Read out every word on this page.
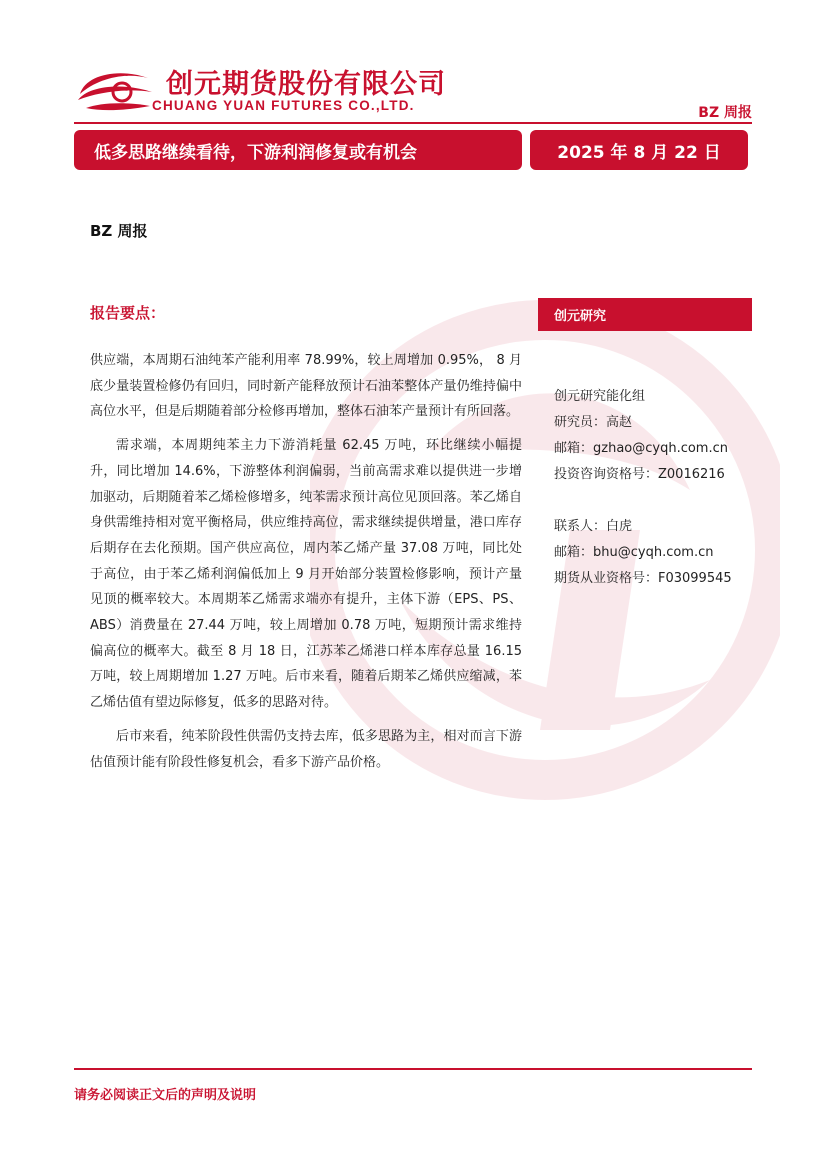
创元期货股份有限公司
CHUANG YUAN FUTURES CO.,LTD.	BZ 周报
低多思路继续看待，下游利润修复或有机会	2025 年 8 月 22 日
BZ 周报
报告要点：

供应端，本周期石油纯苯产能利用率 78.99%，较上周增加 0.95%， 8 月底少量装置检修仍有回归，同时新产能释放预计石油苯整体产量仍维持偏中高位水平，但是后期随着部分检修再增加，整体石油苯产量预计有所回落。

需求端，本周期纯苯主力下游消耗量 62.45 万吨，环比继续小幅提升，同比增加 14.6%，下游整体利润偏弱，当前高需求难以提供进一步增加驱动，后期随着苯乙烯检修增多，纯苯需求预计高位见顶回落。苯乙烯自身供需维持相对宽平衡格局，供应维持高位，需求继续提供增量，港口库存后期存在去化预期。国产供应高位，周内苯乙烯产量 37.08 万吨，同比处于高位，由于苯乙烯利润偏低加上 9 月开始部分装置检修影响，预计产量见顶的概率较大。本周期苯乙烯需求端亦有提升，主体下游（EPS、PS、ABS）消费量在 27.44 万吨，较上周增加 0.78 万吨，短期预计需求维持偏高位的概率大。截至 8 月 18 日，江苏苯乙烯港口样本库存总量 16.15 万吨，较上周期增加 1.27 万吨。后市来看，随着后期苯乙烯供应缩减，苯乙烯估值有望边际修复，低多的思路对待。

后市来看，纯苯阶段性供需仍支持去库，低多思路为主，相对而言下游估值预计能有阶段性修复机会，看多下游产品价格。

创元研究
创元研究能化组
研究员：高赵
邮箱：gzhao@cyqh.com.cn
投资咨询资格号：Z0016216
联系人：白虎
邮箱：bhu@cyqh.com.cn
期货从业资格号：F03099545
请务必阅读正文后的声明及说明
